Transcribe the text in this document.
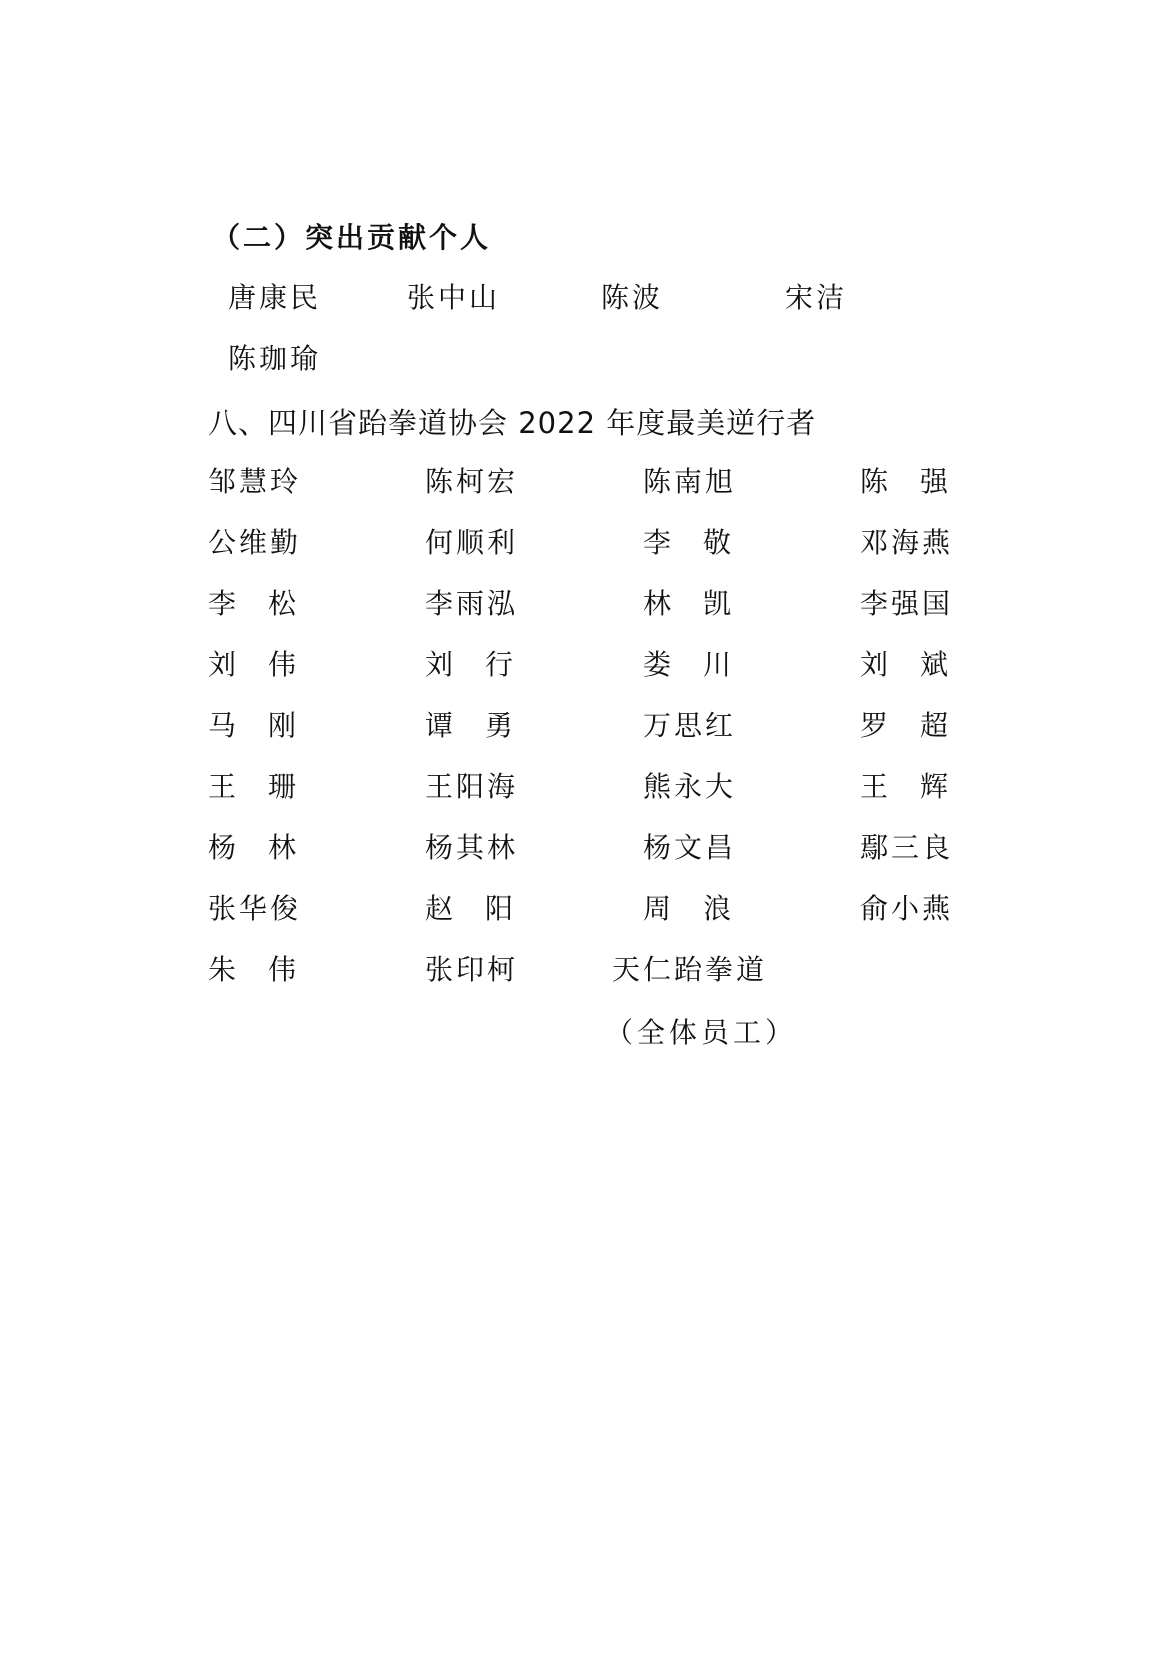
（二）突出贡献个人
唐康民	张中山	陈波	宋洁
陈珈瑜
八、四川省跆拳道协会 2022 年度最美逆行者
邹慧玲	陈柯宏	陈南旭	陈强
公维勤	何顺利	李敬	邓海燕
李松	李雨泓	林凯	李强国
刘伟	刘行	娄川	刘斌
马刚	谭勇	万思红	罗超
王珊	王阳海	熊永大	王辉
杨林	杨其林	杨文昌	鄢三良
张华俊	赵阳	周浪	俞小燕
朱伟	张印柯	天仁跆拳道
（全体员工）
